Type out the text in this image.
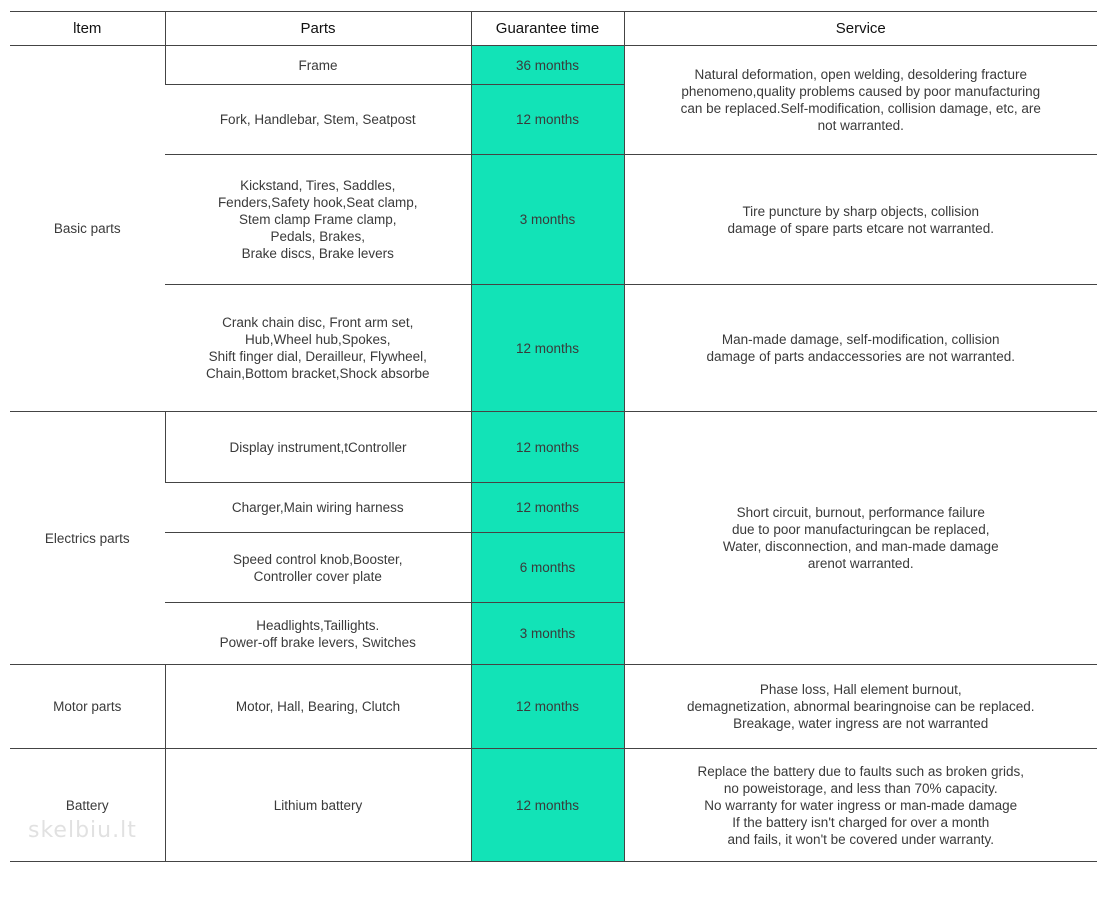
ltem	Parts	Guarantee time	Service
Basic parts	Frame	36 months	Natural deformation, open welding, desoldering fracture
phenomeno,quality problems caused by poor manufacturing
can be replaced.Self-modification, collision damage, etc, are
not warranted.

	Fork, Handlebar, Stem, Seatpost	12 months	

	Kickstand, Tires, Saddles,
Fenders,Safety hook,Seat clamp,
Stem clamp Frame clamp,
Pedals, Brakes,
Brake discs, Brake levers	3 months	Tire puncture by sharp objects, collision
damage of spare parts etcare not warranted.

	Crank chain disc, Front arm set,
Hub,Wheel hub,Spokes,
Shift finger dial, Derailleur, Flywheel,
Chain,Bottom bracket,Shock absorbe	12 months	Man-made damage, self-modification, collision
damage of parts andaccessories are not warranted.

Electrics parts	Display instrument,tController	12 months	Short circuit, burnout, performance failure
due to poor manufacturingcan be replaced,
Water, disconnection, and man-made damage
arenot warranted.

	Charger,Main wiring harness	12 months	

	Speed control knob,Booster,
Controller cover plate	6 months	

	Headlights,Taillights.
Power-off brake levers, Switches	3 months	
Motor parts	Motor, Hall, Bearing, Clutch	12 months	Phase loss, Hall element burnout,
demagnetization, abnormal bearingnoise can be replaced.
Breakage, water ingress are not warranted

Battery	Lithium battery	12 months	Replace the battery due to faults such as broken grids,
no poweistorage, and less than 70% capacity.
No warranty for water ingress or man-made damage
If the battery isn't charged for over a month
and fails, it won't be covered under warranty.
skelbiu.lt
